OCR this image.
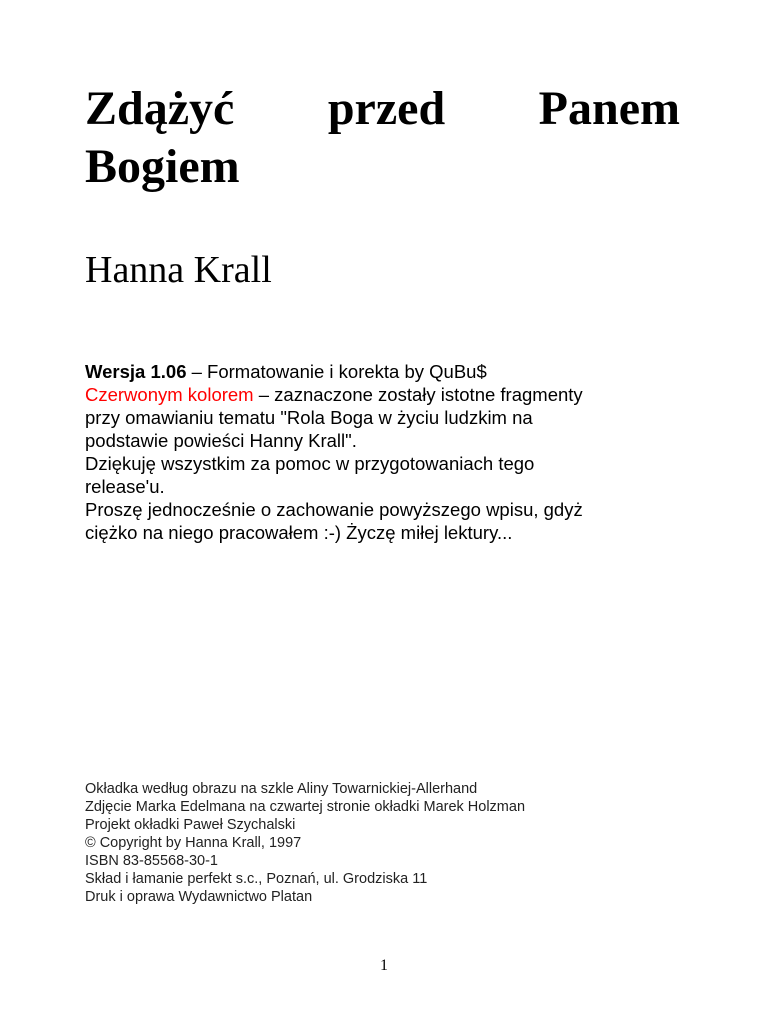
Zdążyć przed Panem
Bogiem
Hanna Krall

Wersja 1.06 – Formatowanie i korekta by QuBu$
Czerwonym kolorem – zaznaczone zostały istotne fragmenty
przy omawianiu tematu "Rola Boga w życiu ludzkim na
podstawie powieści Hanny Krall".
Dziękuję wszystkim za pomoc w przygotowaniach tego
release'u.
Proszę jednocześnie o zachowanie powyższego wpisu, gdyż
ciężko na niego pracowałem :-) Życzę miłej lektury...

Okładka według obrazu na szkle Aliny Towarnickiej-Allerhand
Zdjęcie Marka Edelmana na czwartej stronie okładki Marek Holzman
Projekt okładki Paweł Szychalski
© Copyright by Hanna Krall, 1997
ISBN 83-85568-30-1
Skład i łamanie perfekt s.c., Poznań, ul. Grodziska 11
Druk i oprawa Wydawnictwo Platan

1
